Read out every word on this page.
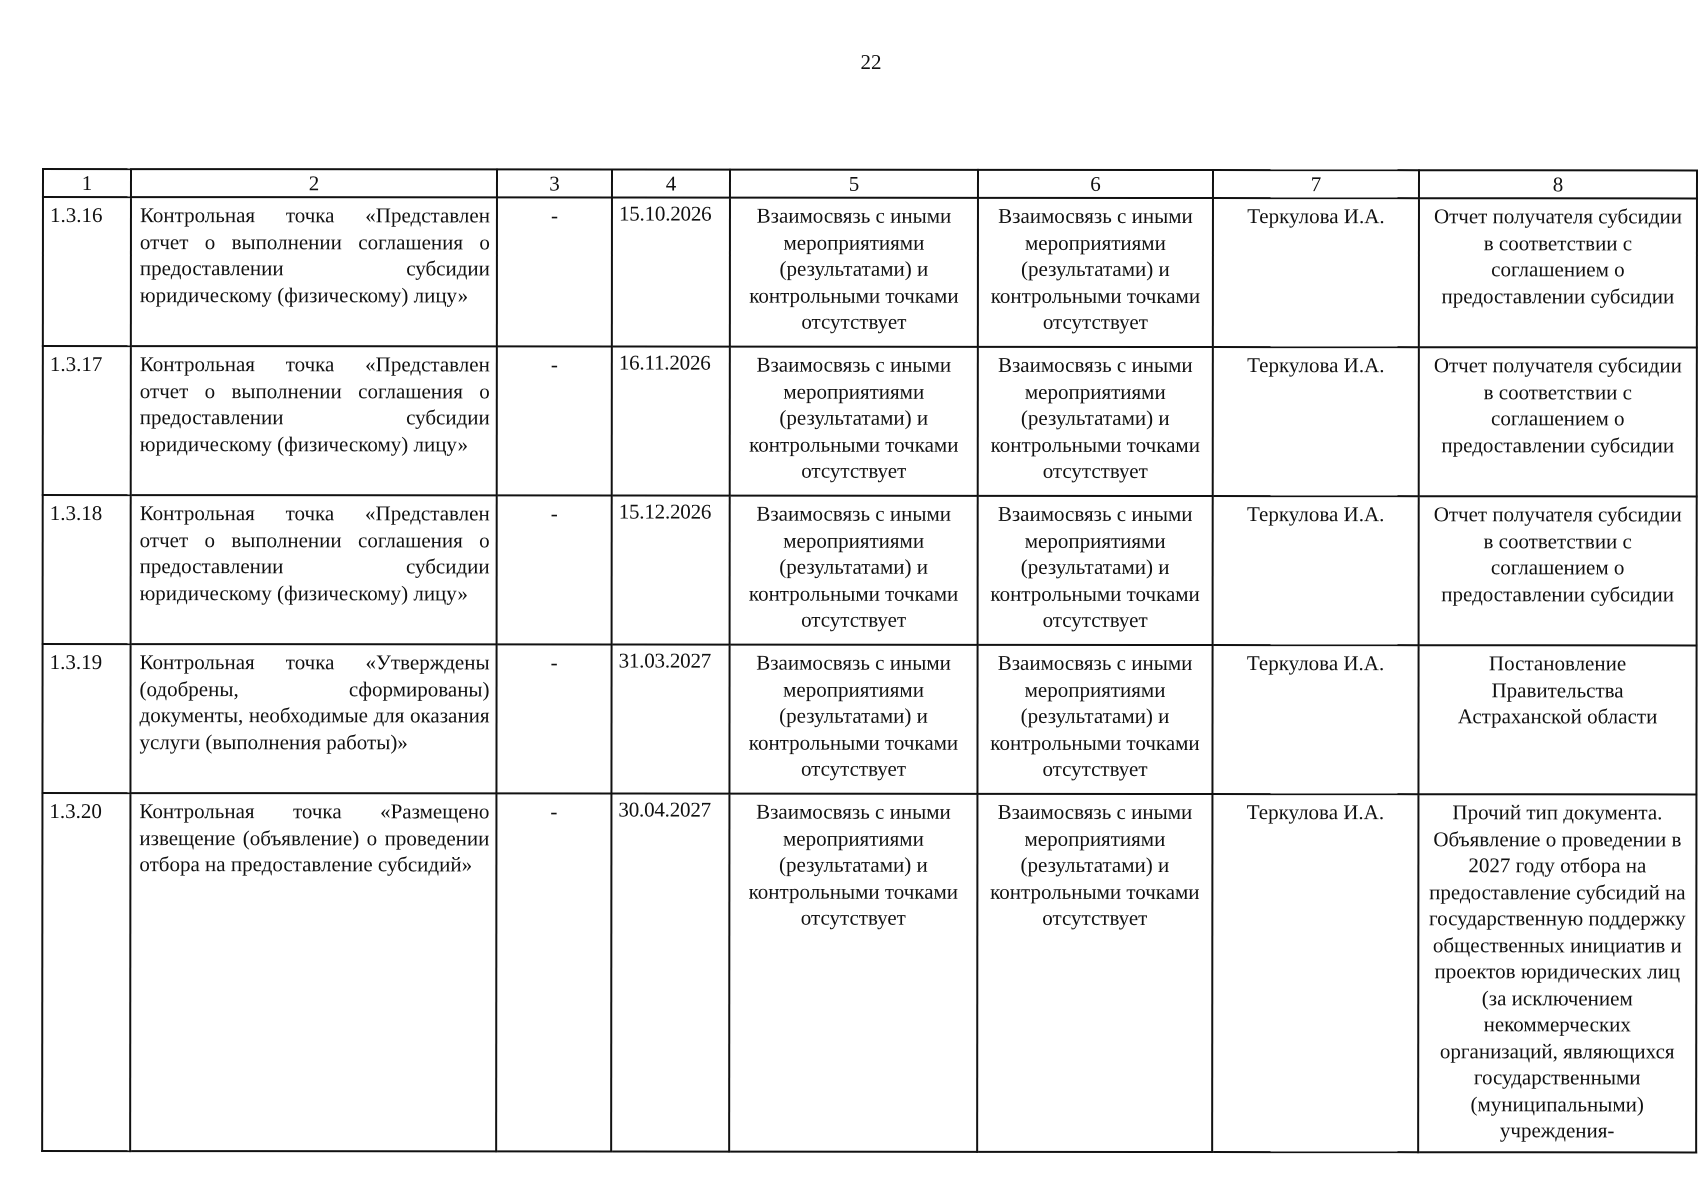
22
1	2	3	4	5	6	7	8
1.3.16	Контрольная точка «Представлен отчет о выполнении соглашения о предоставлении субсидии юридическому (физическому) лицу»	-	15.10.2026	Взаимосвязь с иными мероприятиями (результатами) и контрольными точками отсутствует	Взаимосвязь с иными мероприятиями (результатами) и контрольными точками отсутствует	Теркулова И.А.	Отчет получателя субсидии в соответствии с соглашением о предоставлении субсидии
1.3.17	Контрольная точка «Представлен отчет о выполнении соглашения о предоставлении субсидии юридическому (физическому) лицу»	-	16.11.2026	Взаимосвязь с иными мероприятиями (результатами) и контрольными точками отсутствует	Взаимосвязь с иными мероприятиями (результатами) и контрольными точками отсутствует	Теркулова И.А.	Отчет получателя субсидии в соответствии с соглашением о предоставлении субсидии
1.3.18	Контрольная точка «Представлен отчет о выполнении соглашения о предоставлении субсидии юридическому (физическому) лицу»	-	15.12.2026	Взаимосвязь с иными мероприятиями (результатами) и контрольными точками отсутствует	Взаимосвязь с иными мероприятиями (результатами) и контрольными точками отсутствует	Теркулова И.А.	Отчет получателя субсидии в соответствии с соглашением о предоставлении субсидии
1.3.19	Контрольная точка «Утверждены (одобрены, сформированы) документы, необходимые для оказания услуги (выполнения работы)»	-	31.03.2027	Взаимосвязь с иными мероприятиями (результатами) и контрольными точками отсутствует	Взаимосвязь с иными мероприятиями (результатами) и контрольными точками отсутствует	Теркулова И.А.	Постановление Правительства Астраханской области
1.3.20	Контрольная точка «Размещено извещение (объявление) о проведении отбора на предоставление субсидий»	-	30.04.2027	Взаимосвязь с иными мероприятиями (результатами) и контрольными точками отсутствует	Взаимосвязь с иными мероприятиями (результатами) и контрольными точками отсутствует	Теркулова И.А.	Прочий тип документа. Объявление о проведении в 2027 году отбора на предоставление субсидий на государственную поддержку общественных инициатив и проектов юридических лиц (за исключением некоммерческих организаций, являющихся государственными (муниципальными) учреждения-
